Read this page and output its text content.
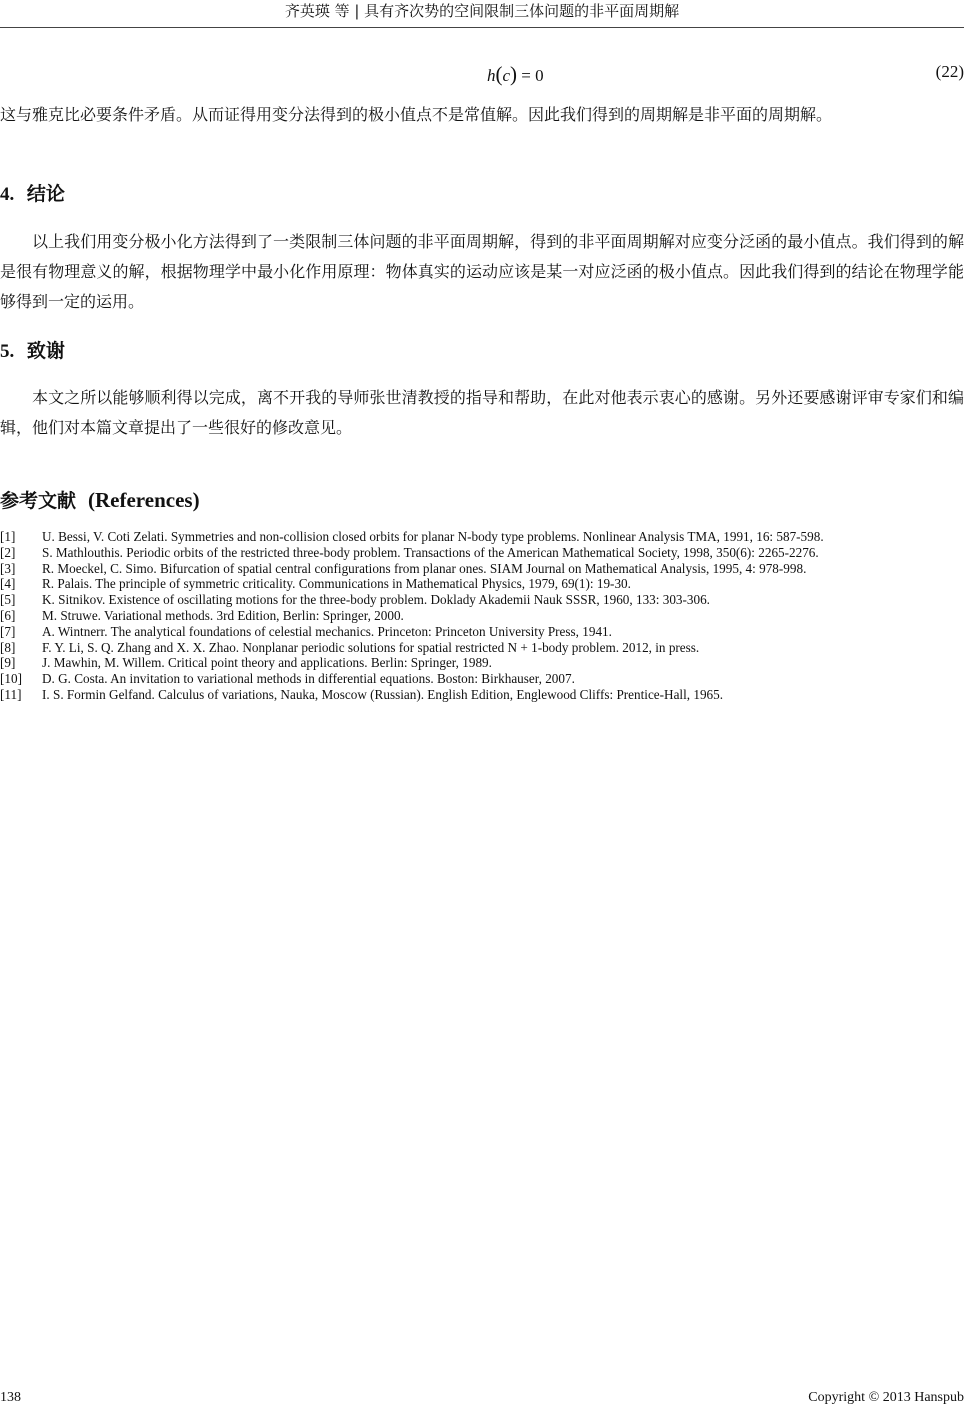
齐英瑛 等 | 具有齐次势的空间限制三体问题的非平面周期解
h(c) = 0	(22)

这与雅克比必要条件矛盾。从而证得用变分法得到的极小值点不是常值解。因此我们得到的周期解是非平面的周期解。

4. 结论

以上我们用变分极小化方法得到了一类限制三体问题的非平面周期解，得到的非平面周期解对应变分泛函的最小值点。我们得到的解是很有物理意义的解，根据物理学中最小化作用原理：物体真实的运动应该是某一对应泛函的极小值点。因此我们得到的结论在物理学能够得到一定的运用。

5. 致谢

本文之所以能够顺利得以完成，离不开我的导师张世清教授的指导和帮助，在此对他表示衷心的感谢。另外还要感谢评审专家们和编辑，他们对本篇文章提出了一些很好的修改意见。

参考文献 (References)
[1]	U. Bessi, V. Coti Zelati. Symmetries and non-collision closed orbits for planar N-body type problems. Nonlinear Analysis TMA, 1991, 16: 587-598.
[2]	S. Mathlouthis. Periodic orbits of the restricted three-body problem. Transactions of the American Mathematical Society, 1998, 350(6): 2265-2276.
[3]	R. Moeckel, C. Simo. Bifurcation of spatial central configurations from planar ones. SIAM Journal on Mathematical Analysis, 1995, 4: 978-998.
[4]	R. Palais. The principle of symmetric criticality. Communications in Mathematical Physics, 1979, 69(1): 19-30.
[5]	K. Sitnikov. Existence of oscillating motions for the three-body problem. Doklady Akademii Nauk SSSR, 1960, 133: 303-306.
[6]	M. Struwe. Variational methods. 3rd Edition, Berlin: Springer, 2000.
[7]	A. Wintnerr. The analytical foundations of celestial mechanics. Princeton: Princeton University Press, 1941.
[8]	F. Y. Li, S. Q. Zhang and X. X. Zhao. Nonplanar periodic solutions for spatial restricted N + 1-body problem. 2012, in press.
[9]	J. Mawhin, M. Willem. Critical point theory and applications. Berlin: Springer, 1989.
[10]	D. G. Costa. An invitation to variational methods in differential equations. Boston: Birkhauser, 2007.
[11]	I. S. Formin Gelfand. Calculus of variations, Nauka, Moscow (Russian). English Edition, Englewood Cliffs: Prentice-Hall, 1965.
138	Copyright © 2013 Hanspub
